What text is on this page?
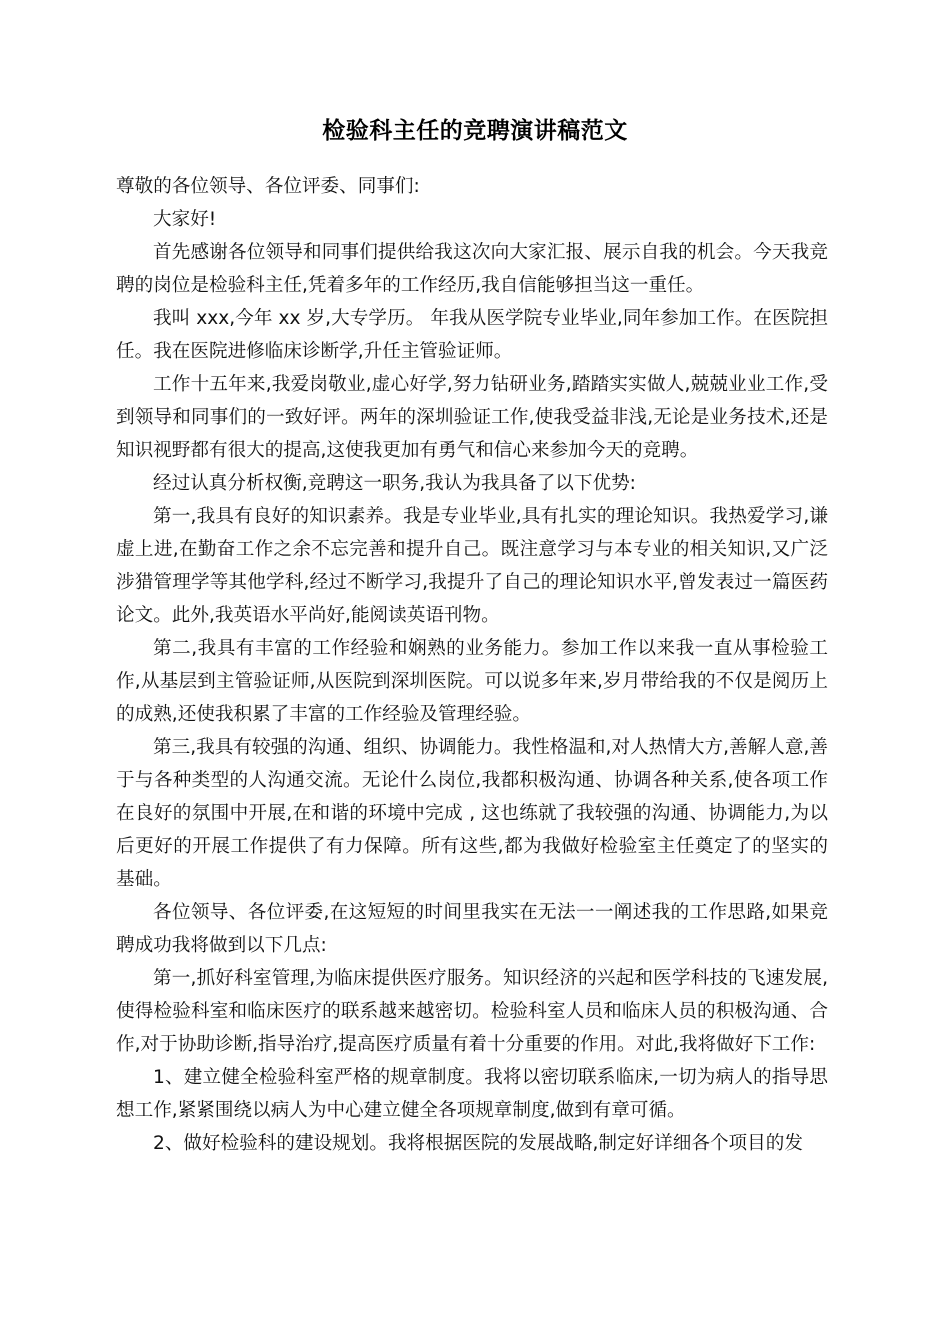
检验科主任的竞聘演讲稿范文

尊敬的各位领导、各位评委、同事们:

大家好!

首先感谢各位领导和同事们提供给我这次向大家汇报、展示自我的机会。今天我竞聘的岗位是检验科主任,凭着多年的工作经历,我自信能够担当这一重任。

我叫 xxx,今年 xx 岁,大专学历。 年我从医学院专业毕业,同年参加工作。在医院担任。我在医院进修临床诊断学,升任主管验证师。

工作十五年来,我爱岗敬业,虚心好学,努力钻研业务,踏踏实实做人,兢兢业业工作,受到领导和同事们的一致好评。两年的深圳验证工作,使我受益非浅,无论是业务技术,还是知识视野都有很大的提高,这使我更加有勇气和信心来参加今天的竞聘。

经过认真分析权衡,竞聘这一职务,我认为我具备了以下优势:

第一,我具有良好的知识素养。我是专业毕业,具有扎实的理论知识。我热爱学习,谦虚上进,在勤奋工作之余不忘完善和提升自己。既注意学习与本专业的相关知识,又广泛涉猎管理学等其他学科,经过不断学习,我提升了自己的理论知识水平,曾发表过一篇医药论文。此外,我英语水平尚好,能阅读英语刊物。

第二,我具有丰富的工作经验和娴熟的业务能力。参加工作以来我一直从事检验工作,从基层到主管验证师,从医院到深圳医院。可以说多年来,岁月带给我的不仅是阅历上的成熟,还使我积累了丰富的工作经验及管理经验。

第三,我具有较强的沟通、组织、协调能力。我性格温和,对人热情大方,善解人意,善于与各种类型的人沟通交流。无论什么岗位,我都积极沟通、协调各种关系,使各项工作在良好的氛围中开展,在和谐的环境中完成 , 这也练就了我较强的沟通、协调能力,为以后更好的开展工作提供了有力保障。所有这些,都为我做好检验室主任奠定了的坚实的基础。

各位领导、各位评委,在这短短的时间里我实在无法一一阐述我的工作思路,如果竞聘成功我将做到以下几点:

第一,抓好科室管理,为临床提供医疗服务。知识经济的兴起和医学科技的飞速发展,使得检验科室和临床医疗的联系越来越密切。检验科室人员和临床人员的积极沟通、合作,对于协助诊断,指导治疗,提高医疗质量有着十分重要的作用。对此,我将做好下工作:

1、建立健全检验科室严格的规章制度。我将以密切联系临床,一切为病人的指导思想工作,紧紧围绕以病人为中心建立健全各项规章制度,做到有章可循。

2、做好检验科的建设规划。我将根据医院的发展战略,制定好详细各个项目的发
